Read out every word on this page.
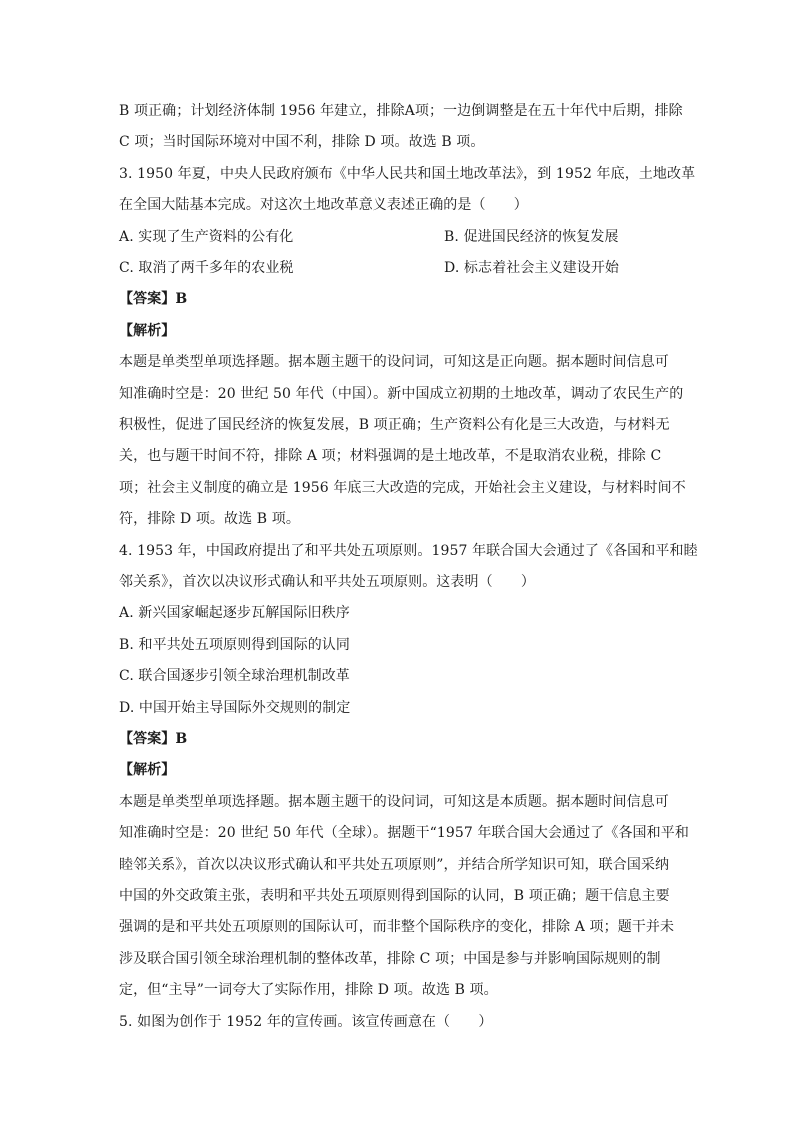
B 项正确；计划经济体制 1956 年建立，排除A项；一边倒调整是在五十年代中后期，排除
C 项；当时国际环境对中国不利，排除 D 项。故选 B 项。
3. 1950 年夏，中央人民政府颁布《中华人民共和国土地改革法》，到 1952 年底，土地改革
在全国大陆基本完成。对这次土地改革意义表述正确的是（　　）
A. 实现了生产资料的公有化	B. 促进国民经济的恢复发展
C. 取消了两千多年的农业税	D. 标志着社会主义建设开始
【答案】B
【解析】
本题是单类型单项选择题。据本题主题干的设问词，可知这是正向题。据本题时间信息可
知准确时空是：20 世纪 50 年代（中国）。新中国成立初期的土地改革，调动了农民生产的
积极性，促进了国民经济的恢复发展，B 项正确；生产资料公有化是三大改造，与材料无
关，也与题干时间不符，排除 A 项；材料强调的是土地改革，不是取消农业税，排除 C
项；社会主义制度的确立是 1956 年底三大改造的完成，开始社会主义建设，与材料时间不
符，排除 D 项。故选 B 项。
4. 1953 年，中国政府提出了和平共处五项原则。1957 年联合国大会通过了《各国和平和睦
邻关系》，首次以决议形式确认和平共处五项原则。这表明（　　）
A. 新兴国家崛起逐步瓦解国际旧秩序
B. 和平共处五项原则得到国际的认同
C. 联合国逐步引领全球治理机制改革
D. 中国开始主导国际外交规则的制定
【答案】B
【解析】
本题是单类型单项选择题。据本题主题干的设问词，可知这是本质题。据本题时间信息可
知准确时空是：20 世纪 50 年代（全球）。据题干“1957 年联合国大会通过了《各国和平和
睦邻关系》，首次以决议形式确认和平共处五项原则”，并结合所学知识可知，联合国采纳
中国的外交政策主张，表明和平共处五项原则得到国际的认同，B 项正确；题干信息主要
强调的是和平共处五项原则的国际认可，而非整个国际秩序的变化，排除 A 项；题干并未
涉及联合国引领全球治理机制的整体改革，排除 C 项；中国是参与并影响国际规则的制
定，但“主导”一词夸大了实际作用，排除 D 项。故选 B 项。
5. 如图为创作于 1952 年的宣传画。该宣传画意在（　　）
